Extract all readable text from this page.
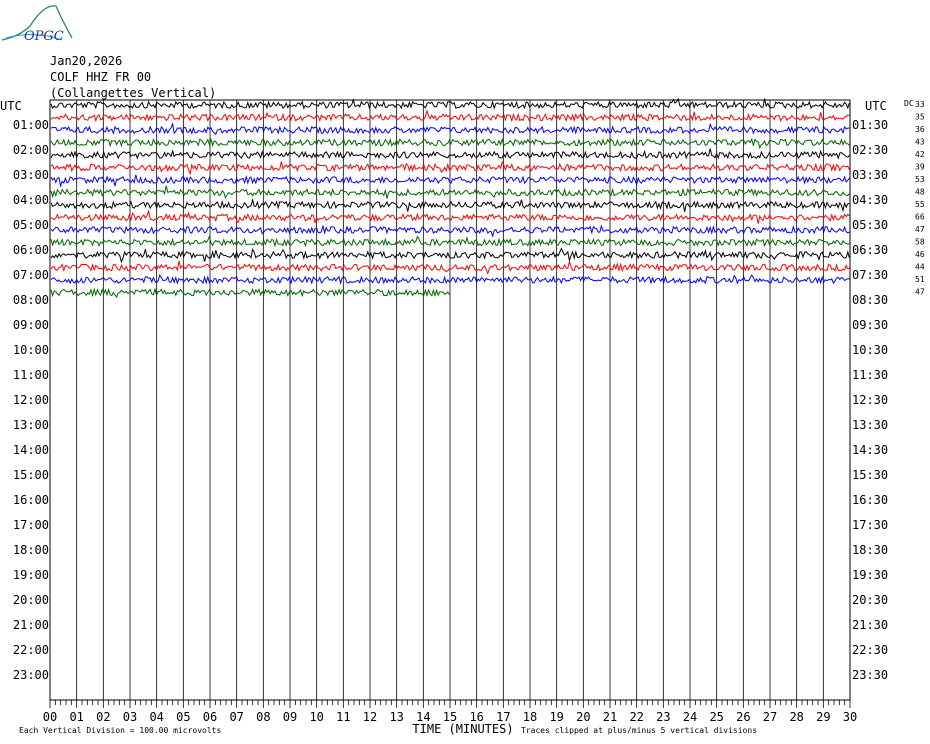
OPGC
Jan20,2026
COLF HHZ FR 00
(Collangettes Vertical)
UTC	UTC DC
01:00	01:30
02:00	02:30
03:00	03:30
04:00	04:30
05:00	05:30
06:00	06:30
07:00	07:30
08:00	08:30
09:00	09:30
10:00	10:30
11:00	11:30
12:00	12:30
13:00	13:30
14:00	14:30
15:00	15:30
16:00	16:30
17:00	17:30
18:00	18:30
19:00	19:30
20:00	20:30
21:00	21:30
22:00	22:30
23:00	23:30
33
35
36
43
42
39
53
48
55
66
47
58
46
44
51
47
00 01 02 03 04 05 06 07 08 09 10 11 12 13 14 15 16 17 18 19 20 21 22 23 24 25 26 27 28 29 30
TIME (MINUTES)
Each Vertical Division = 100.00 microvolts	Traces clipped at plus/minus 5 vertical divisions
